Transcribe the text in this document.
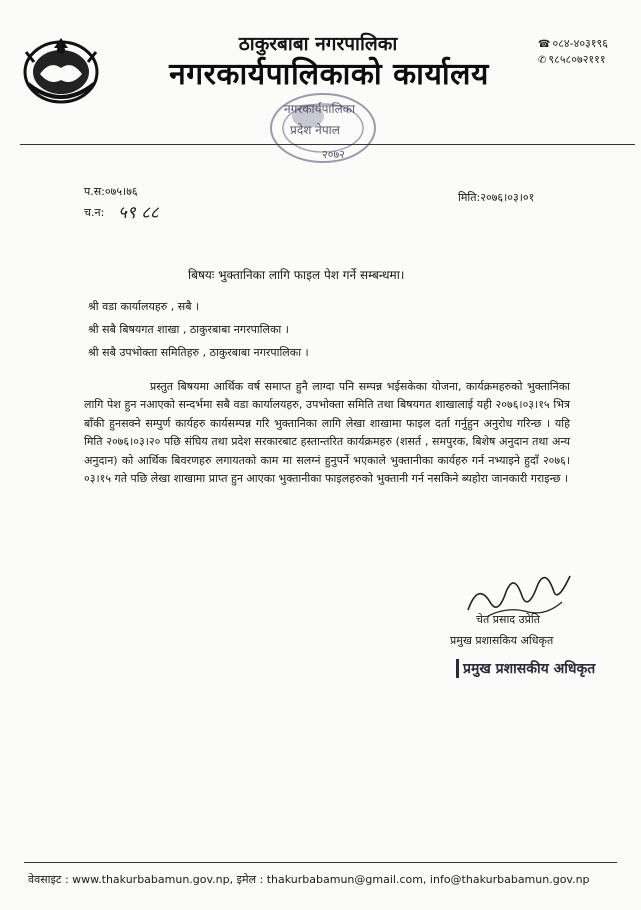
ठाकुरबाबा नगरपालिका
नगरकार्यपालिकाको कार्यालय
☎ ०८४-४०३१९६
✆ ९८५८०७२१११
नगरकार्यपालिका
प्रदेश नेपाल
२०७२
प.स:०७५।७६
च.न: ५९ ८८
मिति:२०७६।०३।०१
बिषयः भुक्तानिका लागि फाइल पेश गर्ने सम्बन्धमा।
श्री वडा कार्यालयहरु , सबै ।
श्री सबै बिषयगत शाखा , ठाकुरबाबा नगरपालिका ।
श्री सबै उपभोक्ता समितिहरु , ठाकुरबाबा नगरपालिका ।
प्रस्तुत बिषयमा आर्थिक वर्ष समाप्त हुनै लाग्दा पनि सम्पन्न भईसकेका योजना, कार्यक्रमहरुको भुक्तानिका लागि पेश हुन नआएको सन्दर्भमा सबै वडा कार्यालयहरु, उपभोक्ता समिति तथा बिषयगत शाखालाई यही २०७६।०३।१५ भित्र बाँकी हुनसक्ने सम्पुर्ण कार्यहरु कार्यसम्पन्न गरि भुक्तानिका लागि लेखा शाखामा फाइल दर्ता गर्नुहुन अनुरोध गरिन्छ । यहि मिति २०७६।०३।२० पछि संघिय तथा प्रदेश सरकारबाट हस्तान्तरित कार्यक्रमहरु (शसर्त , समपुरक, बिशेष अनुदान तथा अन्य अनुदान) को आर्थिक बिवरणहरु लगायतको काम मा सलग्नं हुनुपर्ने भएकाले भुक्तानीका कार्यहरु गर्न नभ्याइने हुदाँ २०७६।०३।१५ गते पछि लेखा शाखामा प्राप्त हुन आएका भुक्तानीका फाइलहरुको भुक्तानी गर्न नसकिने ब्यहोरा जानकारी गराइन्छ ।
चेत प्रसाद उप्रेति
प्रमुख प्रशासकिय अधिकृत
प्रमुख प्रशासकीय अधिकृत
वेवसाइट : www.thakurbabamun.gov.np, इमेल : thakurbabamun@gmail.com, info@thakurbabamun.gov.np
